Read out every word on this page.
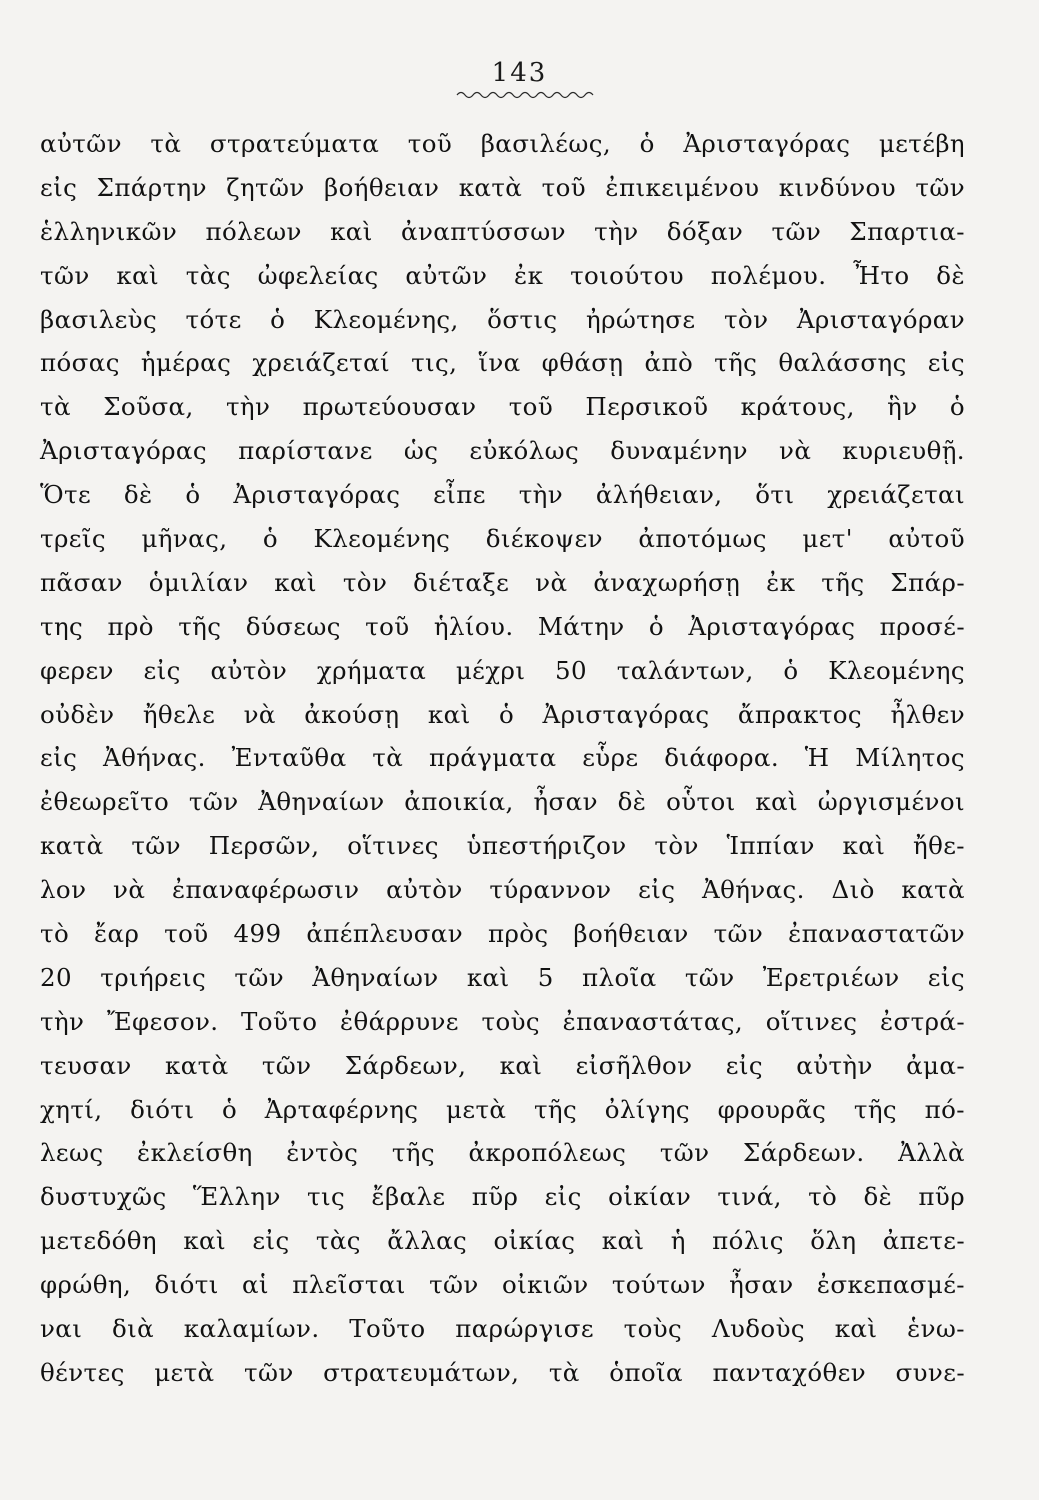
143
αὐτῶν τὰ στρατεύματα τοῦ βασιλέως, ὁ Ἀρισταγόρας μετέβη
εἰς Σπάρτην ζητῶν βοήθειαν κατὰ τοῦ ἐπικειμένου κινδύνου τῶν
ἑλληνικῶν πόλεων καὶ ἀναπτύσσων τὴν δόξαν τῶν Σπαρτια-
τῶν καὶ τὰς ὠφελείας αὐτῶν ἐκ τοιούτου πολέμου. Ἦτο δὲ
βασιλεὺς τότε ὁ Κλεομένης, ὅστις ἠρώτησε τὸν Ἀρισταγόραν
πόσας ἡμέρας χρειάζεταί τις, ἵνα φθάσῃ ἀπὸ τῆς θαλάσσης εἰς
τὰ Σοῦσα, τὴν πρωτεύουσαν τοῦ Περσικοῦ κράτους, ἣν ὁ
Ἀρισταγόρας παρίστανε ὡς εὐκόλως δυναμένην νὰ κυριευθῇ.
Ὅτε δὲ ὁ Ἀρισταγόρας εἶπε τὴν ἀλήθειαν, ὅτι χρειάζεται
τρεῖς μῆνας, ὁ Κλεομένης διέκοψεν ἀποτόμως μετ' αὐτοῦ
πᾶσαν ὁμιλίαν καὶ τὸν διέταξε νὰ ἀναχωρήσῃ ἐκ τῆς Σπάρ-
της πρὸ τῆς δύσεως τοῦ ἡλίου. Μάτην ὁ Ἀρισταγόρας προσέ-
φερεν εἰς αὐτὸν χρήματα μέχρι 50 ταλάντων, ὁ Κλεομένης
οὐδὲν ἤθελε νὰ ἀκούσῃ καὶ ὁ Ἀρισταγόρας ἄπρακτος ἦλθεν
εἰς Ἀθήνας. Ἐνταῦθα τὰ πράγματα εὗρε διάφορα. Ἡ Μίλητος
ἐθεωρεῖτο τῶν Ἀθηναίων ἀποικία, ἦσαν δὲ οὗτοι καὶ ὠργισμένοι
κατὰ τῶν Περσῶν, οἵτινες ὑπεστήριζον τὸν Ἱππίαν καὶ ἤθε-
λον νὰ ἐπαναφέρωσιν αὐτὸν τύραννον εἰς Ἀθήνας. Διὸ κατὰ
τὸ ἔαρ τοῦ 499 ἀπέπλευσαν πρὸς βοήθειαν τῶν ἐπαναστατῶν
20 τριήρεις τῶν Ἀθηναίων καὶ 5 πλοῖα τῶν Ἐρετριέων εἰς
τὴν Ἔφεσον. Τοῦτο ἐθάρρυνε τοὺς ἐπαναστάτας, οἵτινες ἐστρά-
τευσαν κατὰ τῶν Σάρδεων, καὶ εἰσῆλθον εἰς αὐτὴν ἀμα-
χητί, διότι ὁ Ἀρταφέρνης μετὰ τῆς ὀλίγης φρουρᾶς τῆς πό-
λεως ἐκλείσθη ἐντὸς τῆς ἀκροπόλεως τῶν Σάρδεων. Ἀλλὰ
δυστυχῶς Ἕλλην τις ἔβαλε πῦρ εἰς οἰκίαν τινά, τὸ δὲ πῦρ
μετεδόθη καὶ εἰς τὰς ἄλλας οἰκίας καὶ ἡ πόλις ὅλη ἀπετε-
φρώθη, διότι αἱ πλεῖσται τῶν οἰκιῶν τούτων ἦσαν ἐσκεπασμέ-
ναι διὰ καλαμίων. Τοῦτο παρώργισε τοὺς Λυδοὺς καὶ ἑνω-
θέντες μετὰ τῶν στρατευμάτων, τὰ ὁποῖα πανταχόθεν συνε-
